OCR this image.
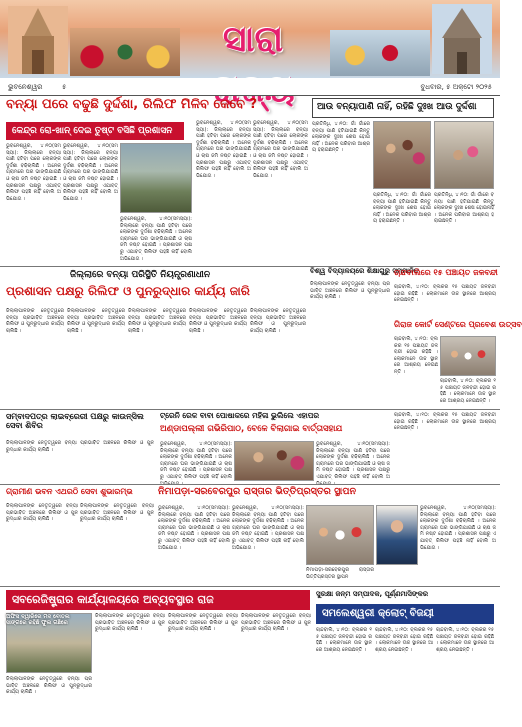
ସାରା
ଭୁବନେଶ୍ୱର	୫	ବୁଧବାର, ୫ ଅକ୍ଟୋ ୨୦୨୫
ବନ୍ୟା ପରେ ବଢୁଛି ଦୁର୍ଦ୍ଦଶା, ରିଲିଫ ମିଳିବ କେବେ ?
କେନ୍ଦ୍ର ରୋ-ଖାନ୍ ଦେଇ ତୁଷ୍ଟ ବସିଛି ପ୍ରଶାସନ
ଭୁବନେଶ୍ୱର, ୪।୧୦(ସମସ୍ୟା): ଜିଲ୍ଲାରେ ବନ୍ୟା ପାଣି ହଟିବା ପରେ ଲୋକଙ୍କ ଦୁର୍ଦ୍ଦଶା ବଢିଚାଲିଛି । ଅନେକ ଗ୍ରାମରେ ଘର ଭାଙ୍ଗିଯାଇଛି ଓ ଚାଷ ଜମି ନଷ୍ଟ ହୋଇଛି । ପ୍ରଶାସନ ପକ୍ଷରୁ ଏଯାବତ୍ ରିଲିଫ ପହଞ୍ଚି ନାହିଁ ବୋଲି ଅଭିଯୋଗ ।
ଭୁବନେଶ୍ୱର, ୪।୧୦(ସମସ୍ୟା): ଜିଲ୍ଲାରେ ବନ୍ୟା ପାଣି ହଟିବା ପରେ ଲୋକଙ୍କ ଦୁର୍ଦ୍ଦଶା ବଢିଚାଲିଛି । ଅନେକ ଗ୍ରାମରେ ଘର ଭାଙ୍ଗିଯାଇଛି ଓ ଚାଷ ଜମି ନଷ୍ଟ ହୋଇଛି । ପ୍ରଶାସନ ପକ୍ଷରୁ ଏଯାବତ୍ ରିଲିଫ ପହଞ୍ଚି ନାହିଁ ବୋଲି ଅଭିଯୋଗ ।
ଭୁବନେଶ୍ୱର, ୪।୧୦(ସମସ୍ୟା): ଜିଲ୍ଲାରେ ବନ୍ୟା ପାଣି ହଟିବା ପରେ ଲୋକଙ୍କ ଦୁର୍ଦ୍ଦଶା ବଢିଚାଲିଛି । ଅନେକ ଗ୍ରାମରେ ଘର ଭାଙ୍ଗିଯାଇଛି ଓ ଚାଷ ଜମି ନଷ୍ଟ ହୋଇଛି । ପ୍ରଶାସନ ପକ୍ଷରୁ ଏଯାବତ୍ ରିଲିଫ ପହଞ୍ଚି ନାହିଁ ବୋଲି ଅଭିଯୋଗ ।
ଭୁବନେଶ୍ୱର, ୪।୧୦(ସମସ୍ୟା): ଜିଲ୍ଲାରେ ବନ୍ୟା ପାଣି ହଟିବା ପରେ ଲୋକଙ୍କ ଦୁର୍ଦ୍ଦଶା ବଢିଚାଲିଛି । ଅନେକ ଗ୍ରାମରେ ଘର ଭାଙ୍ଗିଯାଇଛି ଓ ଚାଷ ଜମି ନଷ୍ଟ ହୋଇଛି । ପ୍ରଶାସନ ପକ୍ଷରୁ ଏଯାବତ୍ ରିଲିଫ ପହଞ୍ଚି ନାହିଁ ବୋଲି ଅଭିଯୋଗ ।
ଭୁବନେଶ୍ୱର, ୪।୧୦(ସମସ୍ୟା): ଜିଲ୍ଲାରେ ବନ୍ୟା ପାଣି ହଟିବା ପରେ ଲୋକଙ୍କ ଦୁର୍ଦ୍ଦଶା ବଢିଚାଲିଛି । ଅନେକ ଗ୍ରାମରେ ଘର ଭାଙ୍ଗିଯାଇଛି ଓ ଚାଷ ଜମି ନଷ୍ଟ ହୋଇଛି । ପ୍ରଶାସନ ପକ୍ଷରୁ ଏଯାବତ୍ ରିଲିଫ ପହଞ୍ଚି ନାହିଁ ବୋଲି ଅଭିଯୋଗ ।
ଆଉ ବନ୍ୟାପାଣି ନାହିଁ, ରହିଛି ଦୁଃଖ ଆଉ ଦୁର୍ଦ୍ଦଶା
ପ୍ରତିନିଧି, ୪।୧୦: ଗାଁ ଗାଁରେ ବନ୍ୟା ପାଣି ହଟିଯାଇଛି କିନ୍ତୁ ଲୋକଙ୍କ ଦୁଃଖ ଶେଷ ହୋଇନାହିଁ । ଅନେକ ପରିବାର ଆଶ୍ରୟ ହରାଇଛନ୍ତି ।
ପ୍ରତିନିଧି, ୪।୧୦: ଗାଁ ଗାଁରେ ବନ୍ୟା ପାଣି ହଟିଯାଇଛି କିନ୍ତୁ ଲୋକଙ୍କ ଦୁଃଖ ଶେଷ ହୋଇନାହିଁ । ଅନେକ ପରିବାର ଆଶ୍ରୟ ହରାଇଛନ୍ତି ।
ପ୍ରତିନିଧି, ୪।୧୦: ଗାଁ ଗାଁରେ ବନ୍ୟା ପାଣି ହଟିଯାଇଛି କିନ୍ତୁ ଲୋକଙ୍କ ଦୁଃଖ ଶେଷ ହୋଇନାହିଁ । ଅନେକ ପରିବାର ଆଶ୍ରୟ ହରାଇଛନ୍ତି ।
ଜିଲ୍ଲାରେ ବନ୍ୟା ପରିସ୍ଥିତି ନିୟନ୍ତ୍ରଣାଧୀନ
ପ୍ରଶାସନ ପକ୍ଷରୁ ରିଲିଫ ଓ ପୁନରୁଦ୍ଧାର କାର୍ଯ୍ୟ ଜାରି
ଜିଲ୍ଲାପାଳଙ୍କ ନେତୃତ୍ୱରେ ବନ୍ୟା ପ୍ରଭାବିତ ଅଞ୍ଚଳରେ ରିଲିଫ ଓ ପୁନରୁଦ୍ଧାର କାର୍ଯ୍ୟ ଚାଲିଛି ।
ଜିଲ୍ଲାପାଳଙ୍କ ନେତୃତ୍ୱରେ ବନ୍ୟା ପ୍ରଭାବିତ ଅଞ୍ଚଳରେ ରିଲିଫ ଓ ପୁନରୁଦ୍ଧାର କାର୍ଯ୍ୟ ଚାଲିଛି ।
ଜିଲ୍ଲାପାଳଙ୍କ ନେତୃତ୍ୱରେ ବନ୍ୟା ପ୍ରଭାବିତ ଅଞ୍ଚଳରେ ରିଲିଫ ଓ ପୁନରୁଦ୍ଧାର କାର୍ଯ୍ୟ ଚାଲିଛି ।
ଜିଲ୍ଲାପାଳଙ୍କ ନେତୃତ୍ୱରେ ବନ୍ୟା ପ୍ରଭାବିତ ଅଞ୍ଚଳରେ ରିଲିଫ ଓ ପୁନରୁଦ୍ଧାର କାର୍ଯ୍ୟ ଚାଲିଛି ।
ଜିଲ୍ଲାପାଳଙ୍କ ନେତୃତ୍ୱରେ ବନ୍ୟା ପ୍ରଭାବିତ ଅଞ୍ଚଳରେ ରିଲିଫ ଓ ପୁନରୁଦ୍ଧାର କାର୍ଯ୍ୟ ଚାଲିଛି ।
ବିଶ୍ୱ ବିଦ୍ୟାଳୟରେ ଶିକ୍ଷାଗୁରୁ ସମ୍ମାନିତ
ଜିଲ୍ଲାପାଳଙ୍କ ନେତୃତ୍ୱରେ ବନ୍ୟା ପ୍ରଭାବିତ ଅଞ୍ଚଳରେ ରିଲିଫ ଓ ପୁନରୁଦ୍ଧାର କାର୍ଯ୍ୟ ଚାଲିଛି ।
ଚାନ୍ଦବାଲିରେ ୧୫ ପଞ୍ଚାୟତ ଜଳବନ୍ଦୀ
ଚାନ୍ଦବାଲି, ୪।୧୦: ବ୍ଲକର ୧୫ ପଞ୍ଚାୟତ ଜଳବନ୍ଦୀ ହୋଇ ରହିଛି । ଲୋକମାନେ ଉଚ୍ଚ ସ୍ଥାନରେ ଆଶ୍ରୟ ନେଇଛନ୍ତି ।
ଗିରାଜ କୋର୍ଟ ସେଣ୍ଟରେ ପ୍ରବେଶ ଉତ୍ସବ
ଚାନ୍ଦବାଲି, ୪।୧୦: ବ୍ଲକର ୧୫ ପଞ୍ଚାୟତ ଜଳବନ୍ଦୀ ହୋଇ ରହିଛି । ଲୋକମାନେ ଉଚ୍ଚ ସ୍ଥାନରେ ଆଶ୍ରୟ ନେଇଛନ୍ତି ।
ଚାନ୍ଦବାଲି, ୪।୧୦: ବ୍ଲକର ୧୫ ପଞ୍ଚାୟତ ଜଳବନ୍ଦୀ ହୋଇ ରହିଛି । ଲୋକମାନେ ଉଚ୍ଚ ସ୍ଥାନରେ ଆଶ୍ରୟ ନେଇଛନ୍ତି ।
ସମ୍ବାଦପତ୍ର ଲାଇବ୍ରେରୀ ପକ୍ଷରୁ କାଉନ୍ସିଲ ସେବା ଶିବିର
ଜିଲ୍ଲାପାଳଙ୍କ ନେତୃତ୍ୱରେ ବନ୍ୟା ପ୍ରଭାବିତ ଅଞ୍ଚଳରେ ରିଲିଫ ଓ ପୁନରୁଦ୍ଧାର କାର୍ଯ୍ୟ ଚାଲିଛି ।
ଟ୍ରେନି ରେଳ ବାବା ପୋଷାକରେ ମହିଳା ଭୁଲିଲେ ଏହାପର
ଅଣ୍ଡାପଲ୍ଲୀ ଗଭିରିପାଠ, ବେଳେ ବିଲାଗାଇ ବାର୍ତ୍ତାସହାଯ
ଭୁବନେଶ୍ୱର, ୪।୧୦(ସମସ୍ୟା): ଜିଲ୍ଲାରେ ବନ୍ୟା ପାଣି ହଟିବା ପରେ ଲୋକଙ୍କ ଦୁର୍ଦ୍ଦଶା ବଢିଚାଲିଛି । ଅନେକ ଗ୍ରାମରେ ଘର ଭାଙ୍ଗିଯାଇଛି ଓ ଚାଷ ଜମି ନଷ୍ଟ ହୋଇଛି । ପ୍ରଶାସନ ପକ୍ଷରୁ ଏଯାବତ୍ ରିଲିଫ ପହଞ୍ଚି ନାହିଁ ବୋଲି
ଭୁବନେଶ୍ୱର, ୪।୧୦(ସମସ୍ୟା): ଜିଲ୍ଲାରେ ବନ୍ୟା ପାଣି ହଟିବା ପରେ ଲୋକଙ୍କ ଦୁର୍ଦ୍ଦଶା ବଢିଚାଲିଛି । ଅନେକ ଗ୍ରାମରେ ଘର ଭାଙ୍ଗିଯାଇଛି ଓ ଚାଷ ଜମି ନଷ୍ଟ ହୋଇଛି । ପ୍ରଶାସନ ପକ୍ଷରୁ ଏଯାବତ୍ ରିଲିଫ ପହଞ୍ଚି ନାହିଁ ବୋଲି ଅ
ଚାନ୍ଦବାଲି, ୪।୧୦: ବ୍ଲକର ୧୫ ପଞ୍ଚାୟତ ଜଳବନ୍ଦୀ ହୋଇ ରହିଛି । ଲୋକମାନେ ଉଚ୍ଚ ସ୍ଥାନରେ ଆଶ୍ରୟ ନେଇଛନ୍ତି ।
ଗ୍ରାମୀଣ ଭବନ ଏଥରଠି ସେବା ଶୁଭାରମ୍ଭ
ଜିଲ୍ଲାପାଳଙ୍କ ନେତୃତ୍ୱରେ ବନ୍ୟା ପ୍ରଭାବିତ ଅଞ୍ଚଳରେ ରିଲିଫ ଓ ପୁନରୁଦ୍ଧାର କାର୍ଯ୍ୟ ଚାଲିଛି ।
ଜିଲ୍ଲାପାଳଙ୍କ ନେତୃତ୍ୱରେ ବନ୍ୟା ପ୍ରଭାବିତ ଅଞ୍ଚଳରେ ରିଲିଫ ଓ ପୁନରୁଦ୍ଧାର କାର୍ଯ୍ୟ ଚାଲିଛି ।
ନିମାପଡ଼ା-ସରବେରପୁର ରାସ୍ତାର ଭିତ୍ତିପ୍ରସ୍ତର ସ୍ଥାପନ
ଭୁବନେଶ୍ୱର, ୪।୧୦(ସମସ୍ୟା): ଜିଲ୍ଲାରେ ବନ୍ୟା ପାଣି ହଟିବା ପରେ ଲୋକଙ୍କ ଦୁର୍ଦ୍ଦଶା ବଢିଚାଲିଛି । ଅନେକ ଗ୍ରାମରେ ଘର ଭାଙ୍ଗିଯାଇଛି ଓ ଚାଷ ଜମି ନଷ୍ଟ ହୋଇଛି । ପ୍ରଶାସନ ପକ୍ଷରୁ ଏଯାବତ୍ ରିଲିଫ ପହଞ୍ଚି ନାହିଁ ବୋଲି ଅଭିଯୋଗ ।
ଭୁବନେଶ୍ୱର, ୪।୧୦(ସମସ୍ୟା): ଜିଲ୍ଲାରେ ବନ୍ୟା ପାଣି ହଟିବା ପରେ ଲୋକଙ୍କ ଦୁର୍ଦ୍ଦଶା ବଢିଚାଲିଛି । ଅନେକ ଗ୍ରାମରେ ଘର ଭାଙ୍ଗିଯାଇଛି ଓ ଚାଷ ଜମି ନଷ୍ଟ ହୋଇଛି । ପ୍ରଶାସନ ପକ୍ଷରୁ ଏଯାବତ୍ ରିଲିଫ ପହଞ୍ଚି ନାହିଁ ବୋଲି ଅଭିଯୋଗ ।
ନିମାପଡ଼ା-ସରବେରପୁର ରାସ୍ତାର ଭିତ୍ତିପ୍ରସ୍ତର ସ୍ଥାପନ
ଭୁବନେଶ୍ୱର, ୪।୧୦(ସମସ୍ୟା): ଜିଲ୍ଲାରେ ବନ୍ୟା ପାଣି ହଟିବା ପରେ ଲୋକଙ୍କ ଦୁର୍ଦ୍ଦଶା ବଢିଚାଲିଛି । ଅନେକ ଗ୍ରାମରେ ଘର ଭାଙ୍ଗିଯାଇଛି ଓ ଚାଷ ଜମି ନଷ୍ଟ ହୋଇଛି । ପ୍ରଶାସନ ପକ୍ଷରୁ ଏଯାବତ୍ ରିଲିଫ ପହଞ୍ଚି ନାହିଁ ବୋଲି ଅଭିଯୋଗ ।
ସବରେଜିଷ୍ଟ୍ରାର କାର୍ଯ୍ୟାଳୟରେ ଅବ୍ୟବସ୍ଥାର ରାଜ
ଅଫିସ ଦ୍ୱାରିରେ ମଦ ବୋତଲ ସାଙ୍ଗରେ ରହିଛି ଫୁଲ ଗଛିରେ
ଜିଲ୍ଲାପାଳଙ୍କ ନେତୃତ୍ୱରେ ବନ୍ୟା ପ୍ରଭାବିତ ଅଞ୍ଚଳରେ ରିଲିଫ ଓ ପୁନରୁଦ୍ଧାର କାର୍ଯ୍ୟ ଚାଲିଛି ।
ଜିଲ୍ଲାପାଳଙ୍କ ନେତୃତ୍ୱରେ ବନ୍ୟା ପ୍ରଭାବିତ ଅଞ୍ଚଳରେ ରିଲିଫ ଓ ପୁନରୁଦ୍ଧାର କାର୍ଯ୍ୟ ଚାଲିଛି ।
ଜିଲ୍ଲାପାଳଙ୍କ ନେତୃତ୍ୱରେ ବନ୍ୟା ପ୍ରଭାବିତ ଅଞ୍ଚଳରେ ରିଲିଫ ଓ ପୁନରୁଦ୍ଧାର କାର୍ଯ୍ୟ ଚାଲିଛି ।
ଜିଲ୍ଲାପାଳଙ୍କ ନେତୃତ୍ୱରେ ବନ୍ୟା ପ୍ରଭାବିତ ଅଞ୍ଚଳରେ ରିଲିଫ ଓ ପୁନରୁଦ୍ଧାର କାର୍ଯ୍ୟ ଚାଲିଛି ।
ସୁରକ୍ଷା ଜନ୍ମ ସମ୍ପାଦକ, ପୂର୍ଣ୍ଣମାସିଙ୍କର
ସମଲେଶ୍ୱରୀ କ୍ଲୋଟ୍ ବିଜୟୀ
ଚାନ୍ଦବାଲି, ୪।୧୦: ବ୍ଲକର ୧୫ ପଞ୍ଚାୟତ ଜଳବନ୍ଦୀ ହୋଇ ରହିଛି । ଲୋକମାନେ ଉଚ୍ଚ ସ୍ଥାନରେ ଆଶ୍ରୟ ନେଇଛନ୍ତି ।
ଚାନ୍ଦବାଲି, ୪।୧୦: ବ୍ଲକର ୧୫ ପଞ୍ଚାୟତ ଜଳବନ୍ଦୀ ହୋଇ ରହିଛି । ଲୋକମାନେ ଉଚ୍ଚ ସ୍ଥାନରେ ଆଶ୍ରୟ ନେଇଛନ୍ତି ।
ଚାନ୍ଦବାଲି, ୪।୧୦: ବ୍ଲକର ୧୫ ପଞ୍ଚାୟତ ଜଳବନ୍ଦୀ ହୋଇ ରହିଛି । ଲୋକମାନେ ଉଚ୍ଚ ସ୍ଥାନରେ ଆଶ୍ରୟ ନେଇଛନ୍ତି ।
